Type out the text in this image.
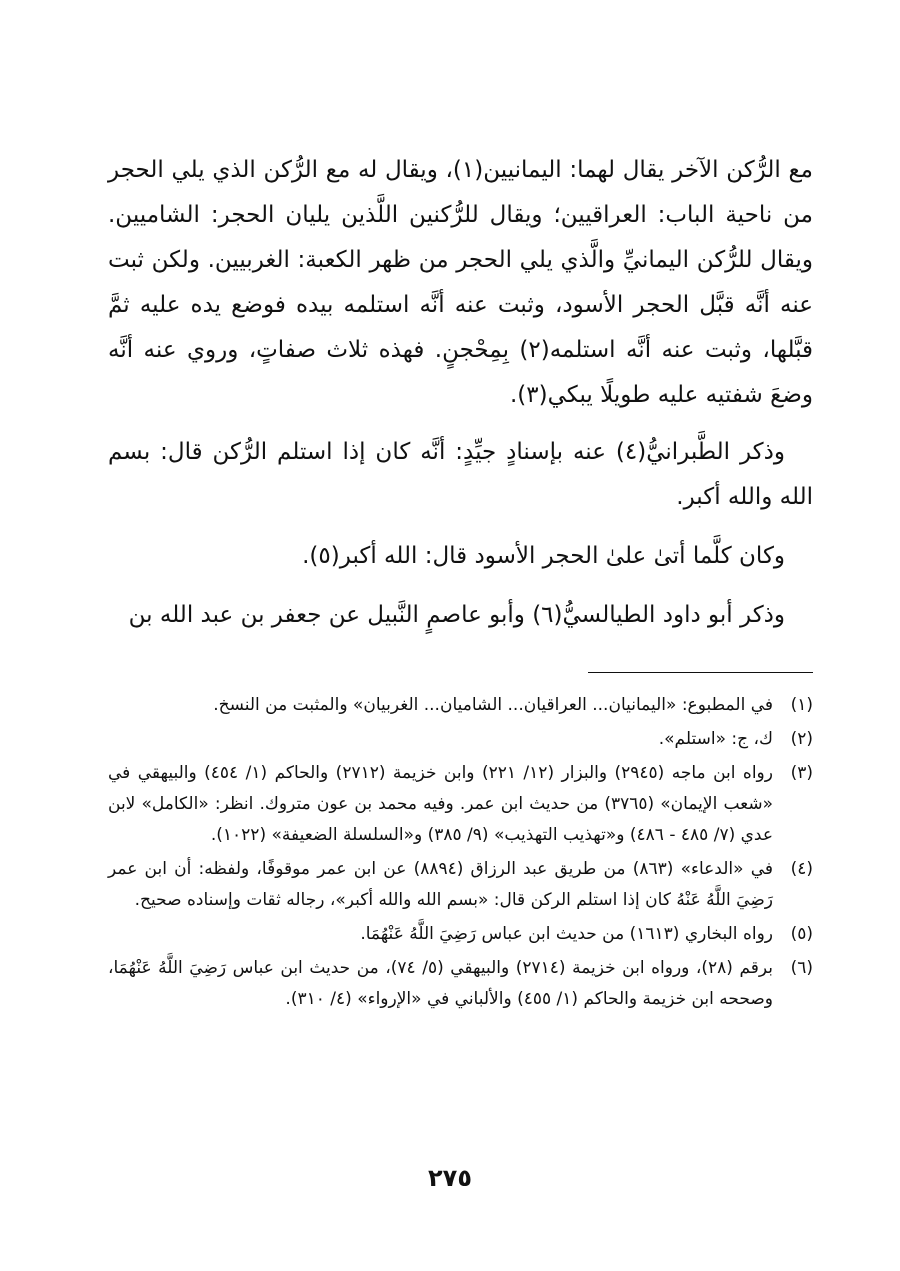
مع الرُّكن الآخر يقال لهما: اليمانيين(١)، ويقال له مع الرُّكن الذي يلي الحجر من ناحية الباب: العراقيين؛ ويقال للرُّكنين اللَّذين يليان الحجر: الشاميين. ويقال للرُّكن اليمانيِّ والَّذي يلي الحجر من ظهر الكعبة: الغربيين. ولكن ثبت عنه أنَّه قبَّل الحجر الأسود، وثبت عنه أنَّه استلمه بيده فوضع يده عليه ثمَّ قبَّلها، وثبت عنه أنَّه استلمه(٢) بِمِحْجنٍ. فهذه ثلاث صفاتٍ، وروي عنه أنَّه وضعَ شفتيه عليه طويلًا يبكي(٣).

وذكر الطَّبرانيُّ(٤) عنه بإسنادٍ جيِّدٍ: أنَّه كان إذا استلم الرُّكن قال: بسم الله والله أكبر.

وكان كلَّما أتىٰ علىٰ الحجر الأسود قال: الله أكبر(٥).

وذكر أبو داود الطيالسيُّ(٦) وأبو عاصمٍ النَّبيل عن جعفر بن عبد الله بن

(١)
في المطبوع: «اليمانيان... العراقيان... الشاميان... الغربيان» والمثبت من النسخ.
(٢)
ك، ج: «استلم».
(٣)
رواه ابن ماجه (٢٩٤٥) والبزار (١٢/ ٢٢١) وابن خزيمة (٢٧١٢) والحاكم (١/ ٤٥٤) والبيهقي في «شعب الإيمان» (٣٧٦٥) من حديث ابن عمر. وفيه محمد بن عون متروك. انظر: «الكامل» لابن عدي (٧/ ٤٨٥ - ٤٨٦) و«تهذيب التهذيب» (٩/ ٣٨٥) و«السلسلة الضعيفة» (١٠٢٢).
(٤)
في «الدعاء» (٨٦٣) من طريق عبد الرزاق (٨٨٩٤) عن ابن عمر موقوفًا، ولفظه: أن ابن عمر رَضِيَ اللَّهُ عَنْهُ كان إذا استلم الركن قال: «بسم الله والله أكبر»، رجاله ثقات وإسناده صحيح.
(٥)
رواه البخاري (١٦١٣) من حديث ابن عباس رَضِيَ اللَّهُ عَنْهُمَا.
(٦)
برقم (٢٨)، ورواه ابن خزيمة (٢٧١٤) والبيهقي (٥/ ٧٤)، من حديث ابن عباس رَضِيَ اللَّهُ عَنْهُمَا، وصححه ابن خزيمة والحاكم (١/ ٤٥٥) والألباني في «الإرواء» (٤/ ٣١٠).
٢٧٥
